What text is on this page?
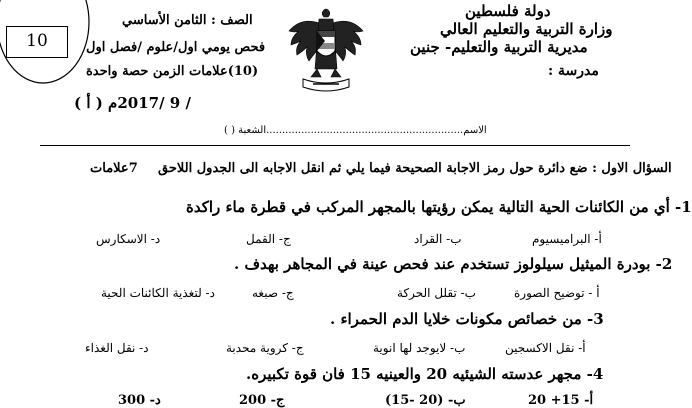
دولة فلسطين
وزارة التربية والتعليم العالي
مديرية التربية والتعليم- جنين
مدرسة :
الصف : الثامن الأساسي
فحص يومي اول/علوم /فصل اول
(10)علامات الزمن حصة واحدة
/ 9 /2017م ( أ )
10
الاسم..............................................................الشعبة ( )
السؤال الاول : ضع دائرة حول رمز الاجابة الصحيحة فيما يلي ثم انقل الاجابه الى الجدول اللاحق
7علامات
1- أي من الكائنات الحية التالية يمكن رؤيتها بالمجهر المركب في قطرة ماء راكدة
أ- البراميسيوم
ب- القراد
ج- القمل
د- الاسكارس
2- بودرة الميثيل سيلولوز تستخدم عند فحص عينة في المجاهر بهدف .
أ - توضيح الصورة
ب- تقلل الحركة
ج- صبغه
د- لتغذية الكائنات الحية
3- من خصائص مكونات خلايا الدم الحمراء .
أ- نقل الاكسجين
ب- لايوجد لها انوية
ج- كروية محدبة
د- نقل الغذاء
4- مجهر عدسته الشيئيه 20 والعينيه 15 فان قوة تكبيره.
أ- 15+ 20
ب- (20 -15)
ج- 200
د- 300
